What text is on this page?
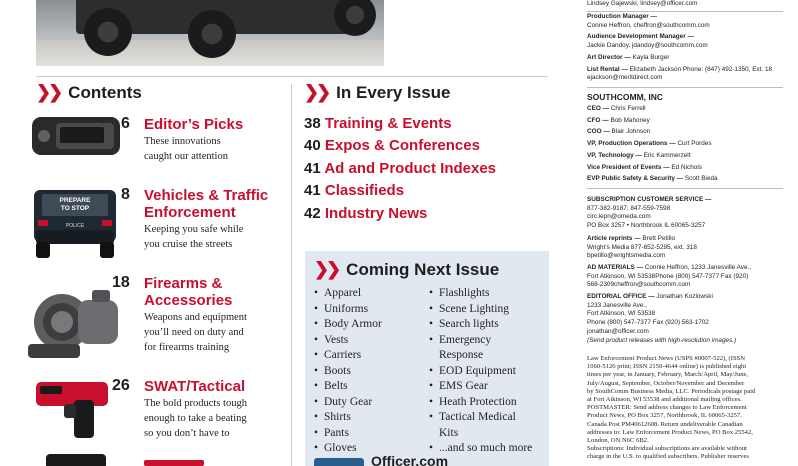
❯❯ Contents
6 Editor’s Picks
These innovations
caught our attention
PREPARE
TO STOP
POLICE
8 Vehicles & Traffic
Enforcement
Keeping you safe while
you cruise the streets
18 Firearms &
Accessories
Weapons and equipment
you’ll need on duty and
for firearms training
26 SWAT/Tactical
The bold products tough
enough to take a beating
so you don’t have to
❯❯ In Every Issue
38 Training & Events
40 Expos & Conferences
41 Ad and Product Indexes
41 Classifieds
42 Industry News
❯❯ Coming Next Issue
• Apparel
• Uniforms
• Body Armor
• Vests
• Carriers
• Boots
• Belts
• Duty Gear
• Shirts
• Pants
• Gloves
• Flashlights
• Scene Lighting
• Search lights
• Emergency
Response
• EOD Equipment
• EMS Gear
• Heath Protection
• Tactical Medical
Kits
• ...and so much more
Officer.com
Lindsey Gajewski, lindsey@officer.com
Production Manager —
Connie Heffron, cheffron@southcomm.com
Audience Development Manager —
Jackie Dandoy, jdandoy@southcomm.com
Art Director — Kayla Burger
List Rental — Elizabeth Jackson Phone: (847) 492-1350, Ext. 18
ejackson@meritdirect.com
SOUTHCOMM, INC
CEO — Chris Ferrell
CFO — Bob Mahoney
COO — Blair Johnson
VP, Production Operations — Curt Pordes
VP, Technology — Eric Kammerzelt
Vice President of Events — Ed Nichols
EVP Public Safety & Security — Scott Bieda
SUBSCRIPTION CUSTOMER SERVICE —
877-382-9187; 847-559-7598
circ.lepn@omeda.com
PO Box 3257 • Northbrook IL 60065-3257
Article reprints — Brett Petillo
Wright’s Media 877-652-5295, ext. 318
bpetillo@wrightsmedia.com
AD MATERIALS — Connie Heffron, 1233 Janesville Ave.,
Fort Atkinson, WI 53538Phone (800) 547-7377 Fax (920)
568-2309cheffron@southcomm.com
EDITORIAL OFFICE — Jonathan Kozlowski
1233 Janesville Ave.,
Fort Atkinson, WI 53538
Phone (800) 547-7377 Fax (920) 563-1702
jonathan@officer.com
(Send product releases with high-resolution images.)
Law Enforcement Product News (USPS #0007-522), (ISSN
1060-5126 print; ISSN 2150-4644 online) is published eight
times per year, in January, February, March/April, May/June,
July/August, September, October/November and December
by SouthComm Business Media, LLC. Periodicals postage paid
at Fort Atkinson, WI 53538 and additional mailing offices.
POSTMASTER: Send address changes to Law Enforcement
Product News, PO Box 3257, Northbrook, IL 60065-3257.
Canada Post PM40612608. Return undeliverable Canadian
addresses to: Law Enforcement Product News, PO Box 25542,
London, ON N6C 6B2.
Subscriptions: Individual subscriptions are available without
charge in the U.S. to qualified subscribers. Publisher reserves
